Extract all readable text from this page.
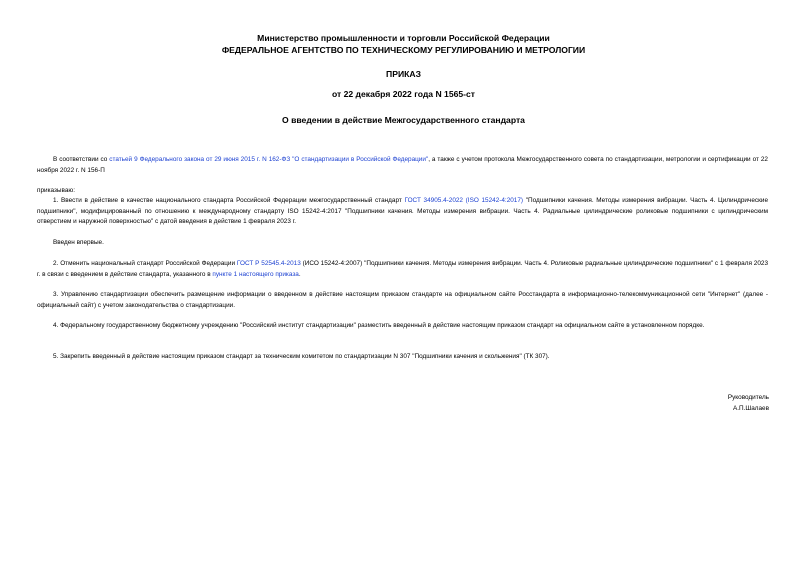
Министерство промышленности и торговли Российской Федерации
ФЕДЕРАЛЬНОЕ АГЕНТСТВО ПО ТЕХНИЧЕСКОМУ РЕГУЛИРОВАНИЮ И МЕТРОЛОГИИ
ПРИКАЗ
от 22 декабря 2022 года N 1565-ст
О введении в действие Межгосударственного стандарта
В соответствии со статьей 9 Федерального закона от 29 июня 2015 г. N 162-ФЗ "О стандартизации в Российской Федерации", а также с учетом протокола Межгосударственного совета по стандартизации, метрологии и сертификации от 22 ноября 2022 г. N 156-П
приказываю:
1. Ввести в действие в качестве национального стандарта Российской Федерации межгосударственный стандарт ГОСТ 34905.4-2022 (ISO 15242-4:2017) "Подшипники качения. Методы измерения вибрации. Часть 4. Цилиндрические подшипники", модифицированный по отношению к международному стандарту ISO 15242-4:2017 "Подшипники качения. Методы измерения вибрации. Часть 4. Радиальные цилиндрические роликовые подшипники с цилиндрическим отверстием и наружной поверхностью" с датой введения в действие 1 февраля 2023 г.
Введен впервые.
2. Отменить национальный стандарт Российской Федерации ГОСТ Р 52545.4-2013 (ИСО 15242-4:2007) "Подшипники качения. Методы измерения вибрации. Часть 4. Роликовые радиальные цилиндрические подшипники" с 1 февраля 2023 г. в связи с введением в действие стандарта, указанного в пункте 1 настоящего приказа.
3. Управлению стандартизации обеспечить размещение информации о введенном в действие настоящим приказом стандарте на официальном сайте Росстандарта в информационно-телекоммуникационной сети "Интернет" (далее - официальный сайт) с учетом законодательства о стандартизации.
4. Федеральному государственному бюджетному учреждению "Российский институт стандартизации" разместить введенный в действие настоящим приказом стандарт на официальном сайте в установленном порядке.
5. Закрепить введенный в действие настоящим приказом стандарт за техническим комитетом по стандартизации N 307 "Подшипники качения и скольжения" (ТК 307).
Руководитель
А.П.Шалаев
